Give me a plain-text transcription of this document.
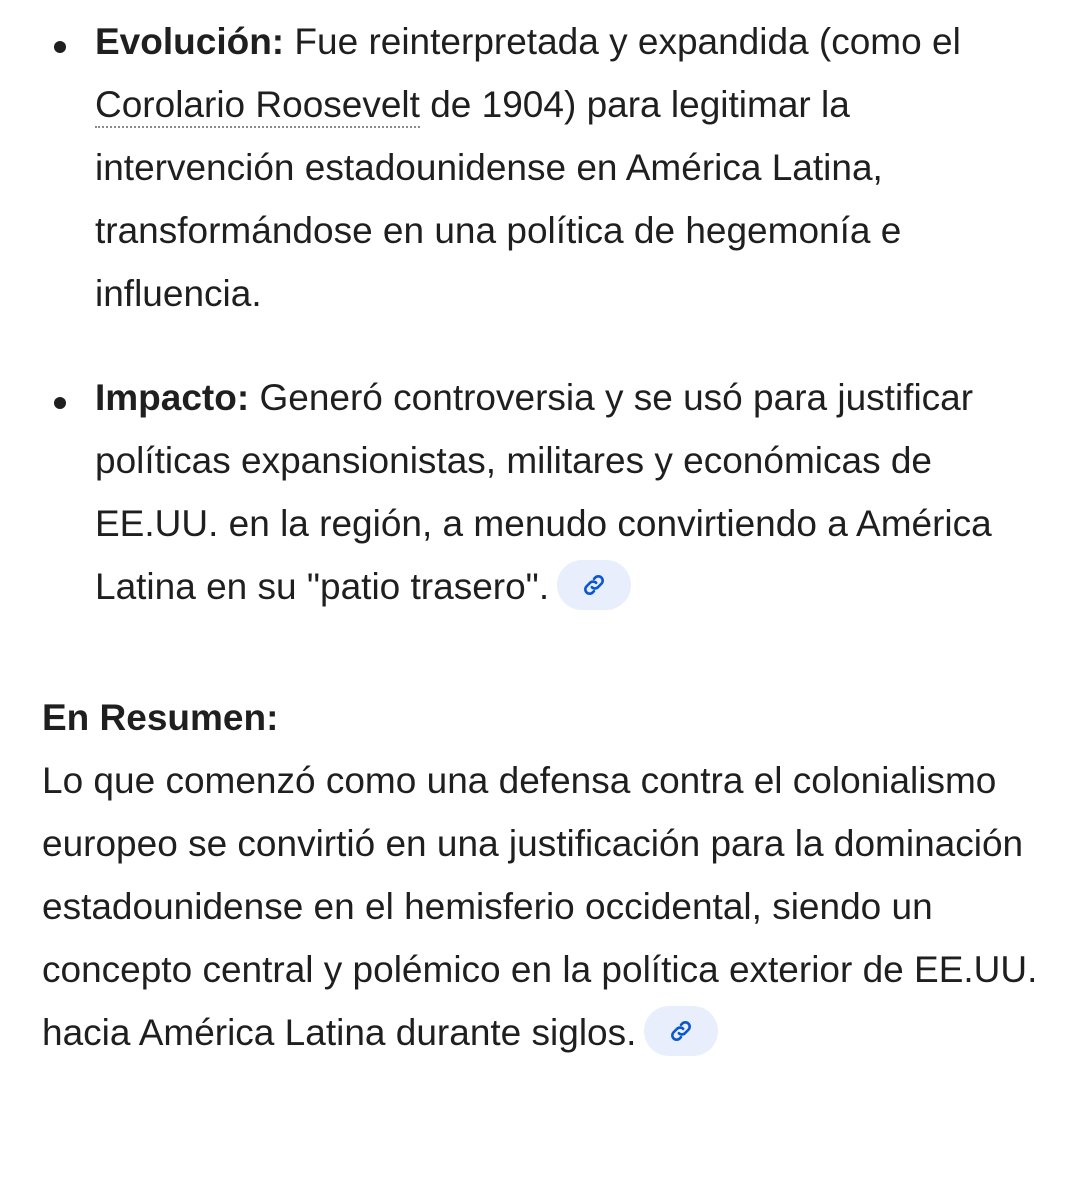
Evolución: Fue reinterpretada y expandida (como el Corolario Roosevelt de 1904) para legitimar la intervención estadounidense en América Latina, transformándose en una política de hegemonía e influencia.
Impacto: Generó controversia y se usó para justificar políticas expansionistas, militares y económicas de EE.UU. en la región, a menudo convirtiendo a América Latina en su "patio trasero".
En Resumen:
Lo que comenzó como una defensa contra el colonialismo europeo se convirtió en una justificación para la dominación estadounidense en el hemisferio occidental, siendo un concepto central y polémico en la política exterior de EE.UU. hacia América Latina durante siglos.
